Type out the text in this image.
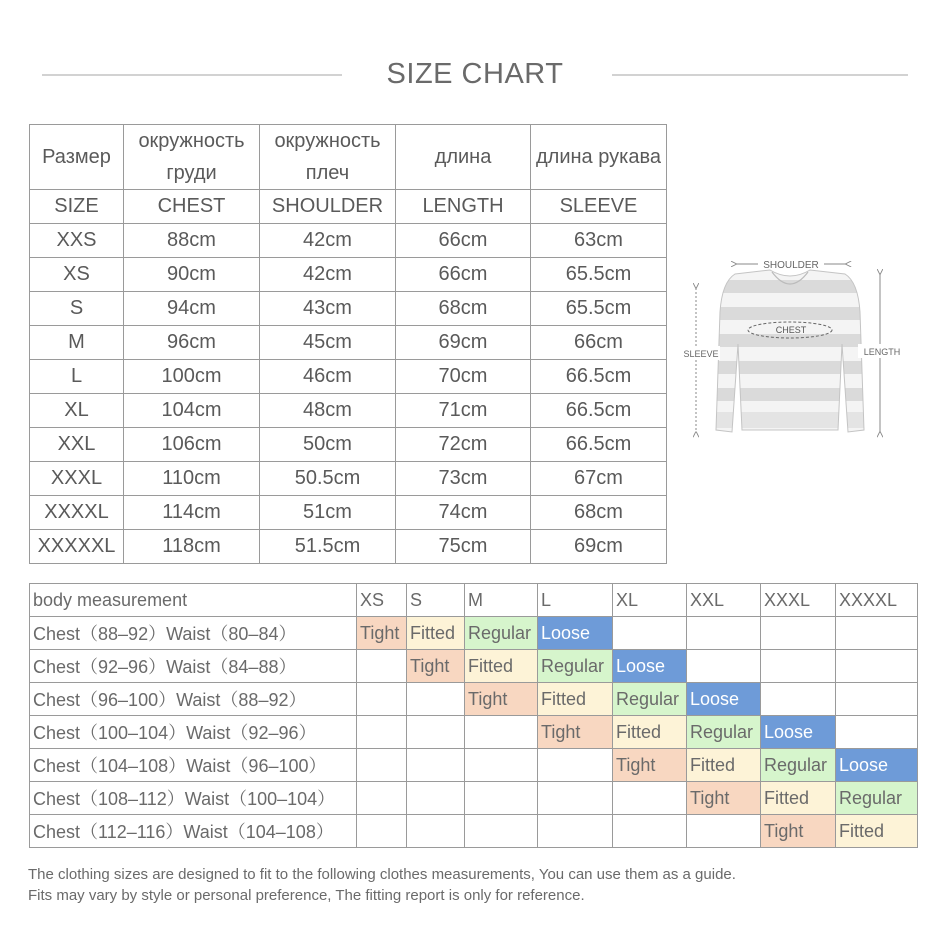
SIZE CHART
Размер	окружность груди	окружность плеч	длина	длина рукава
SIZE	CHEST	SHOULDER	LENGTH	SLEEVE
XXS	88cm	42cm	66cm	63cm
XS	90cm	42cm	66cm	65.5cm
S	94cm	43cm	68cm	65.5cm
M	96cm	45cm	69cm	66cm
L	100cm	46cm	70cm	66.5cm
XL	104cm	48cm	71cm	66.5cm
XXL	106cm	50cm	72cm	66.5cm
XXXL	110cm	50.5cm	73cm	67cm
XXXXL	114cm	51cm	74cm	68cm
XXXXXL	118cm	51.5cm	75cm	69cm
SHOULDER
CHEST
SLEEVE	LENGTH
body measurement	XS	S	M	L	XL	XXL	XXXL	XXXXL
Chest（88–92）Waist（80–84）	Tight	Fitted	Regular	Loose				
Chest（92–96）Waist（84–88）		Tight	Fitted	Regular	Loose			
Chest（96–100）Waist（88–92）			Tight	Fitted	Regular	Loose		
Chest（100–104）Waist（92–96）				Tight	Fitted	Regular	Loose	
Chest（104–108）Waist（96–100）					Tight	Fitted	Regular	Loose
Chest（108–112）Waist（100–104）						Tight	Fitted	Regular
Chest（112–116）Waist（104–108）							Tight	Fitted
The clothing sizes are designed to fit to the following clothes measurements, You can use them as a guide.
Fits may vary by style or personal preference, The fitting report is only for reference.
